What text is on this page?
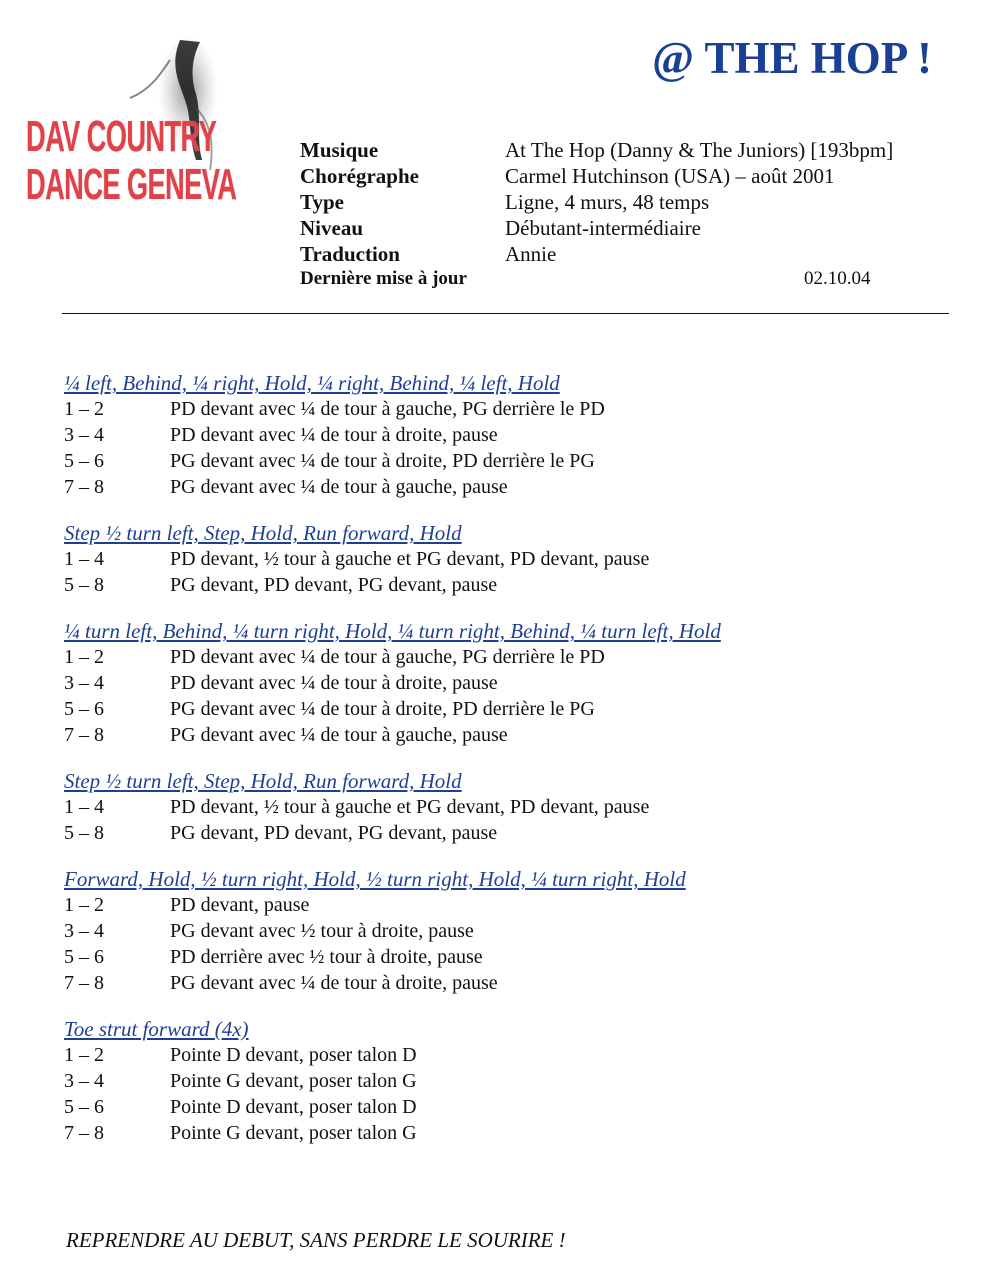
DAV COUNTRY
DANCE GENEVA
@ THE HOP !
Musique	At The Hop (Danny & The Juniors) [193bpm]
Chorégraphe	Carmel Hutchinson (USA) – août 2001
Type	Ligne, 4 murs, 48 temps
Niveau	Débutant-intermédiaire
Traduction	Annie
Dernière mise à jour	02.10.04
¼ left, Behind, ¼ right, Hold, ¼ right, Behind, ¼ left, Hold
1 – 2	PD devant avec ¼ de tour à gauche, PG derrière le PD
3 – 4	PD devant avec ¼ de tour à droite, pause
5 – 6	PG devant avec ¼ de tour à droite, PD derrière le PG
7 – 8	PG devant avec ¼ de tour à gauche, pause
Step ½ turn left, Step, Hold, Run forward, Hold
1 – 4	PD devant, ½ tour à gauche et PG devant, PD devant, pause
5 – 8	PG devant, PD devant, PG devant, pause
¼ turn left, Behind, ¼ turn right, Hold, ¼ turn right, Behind, ¼ turn left, Hold
1 – 2	PD devant avec ¼ de tour à gauche, PG derrière le PD
3 – 4	PD devant avec ¼ de tour à droite, pause
5 – 6	PG devant avec ¼ de tour à droite, PD derrière le PG
7 – 8	PG devant avec ¼ de tour à gauche, pause
Step ½ turn left, Step, Hold, Run forward, Hold
1 – 4	PD devant, ½ tour à gauche et PG devant, PD devant, pause
5 – 8	PG devant, PD devant, PG devant, pause
Forward, Hold, ½ turn right, Hold, ½ turn right, Hold, ¼ turn right, Hold
1 – 2	PD devant, pause
3 – 4	PG devant avec ½ tour à droite, pause
5 – 6	PD derrière avec ½ tour à droite, pause
7 – 8	PG devant avec ¼ de tour à droite, pause
Toe strut forward (4x)
1 – 2	Pointe D devant, poser talon D
3 – 4	Pointe G devant, poser talon G
5 – 6	Pointe D devant, poser talon D
7 – 8	Pointe G devant, poser talon G
REPRENDRE AU DEBUT, SANS PERDRE LE SOURIRE !
